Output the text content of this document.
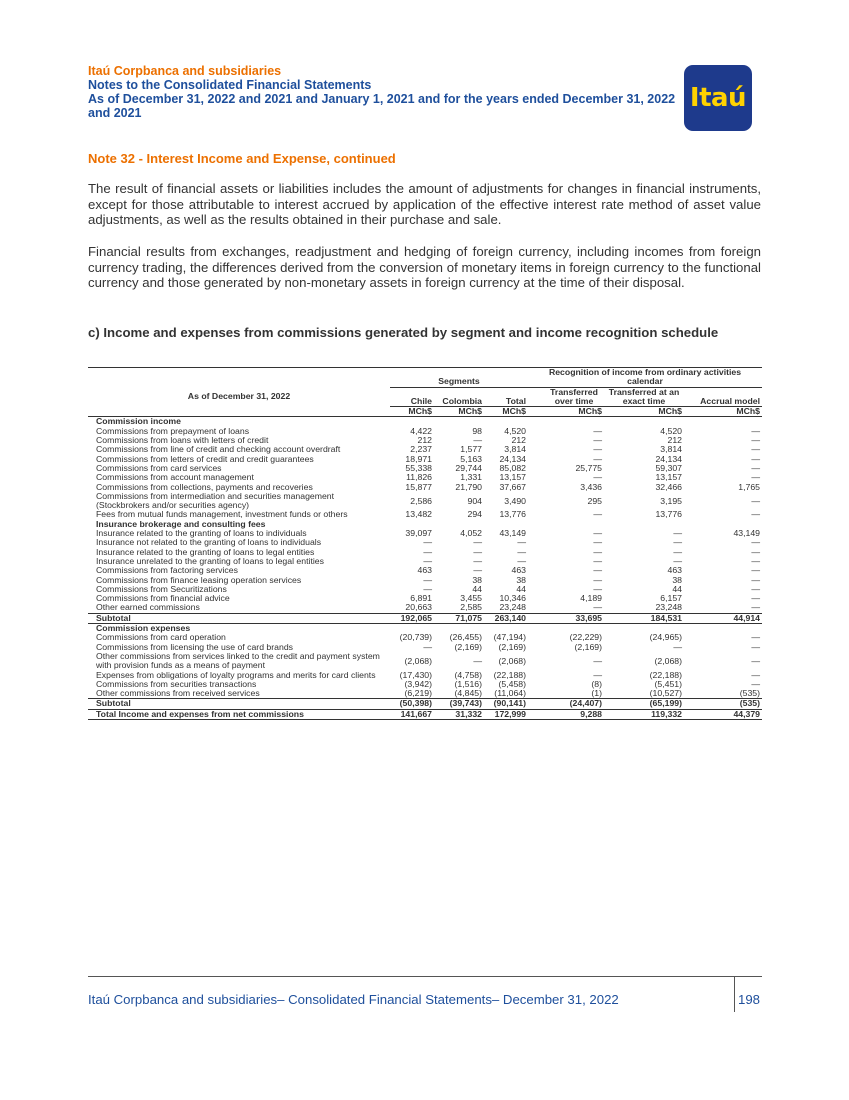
Itaú Corpbanca and subsidiaries
Notes to the Consolidated Financial Statements
As of December 31, 2022 and 2021 and January 1, 2021 and for the years ended December 31, 2022
and 2021	Itaú
Note 32 - Interest Income and Expense, continued
The result of financial assets or liabilities includes the amount of adjustments for changes in financial instruments, except for those attributable to interest accrued by application of the effective interest rate method of asset value adjustments, as well as the results obtained in their purchase and sale.
Financial results from exchanges, readjustment and hedging of foreign currency, including incomes from foreign currency trading, the differences derived from the conversion of monetary items in foreign currency to the functional currency and those generated by non-monetary assets in foreign currency at the time of their disposal.
c) Income and expenses from commissions generated by segment and income recognition schedule
	Segments			Recognition of income from ordinary activities calendar		
As of December 31, 2022	Chile	Colombia	Total	Transferred over time	Transferred at an exact time	Accrual model
	MCh$	MCh$	MCh$	MCh$	MCh$	MCh$
Commission income						
Commissions from prepayment of loans	4,422	98	4,520	—	4,520	—
Commissions from loans with letters of credit	212	—	212	—	212	—
Commissions from line of credit and checking account overdraft	2,237	1,577	3,814	—	3,814	—
Commissions from letters of credit and credit guarantees	18,971	5,163	24,134	—	24,134	—
Commissions from card services	55,338	29,744	85,082	25,775	59,307	—
Commissions from account management	11,826	1,331	13,157	—	13,157	—
Commissions from collections, payments and recoveries	15,877	21,790	37,667	3,436	32,466	1,765
Commissions from intermediation and securities management (Stockbrokers and/or securities agency)	2,586	904	3,490	295	3,195	—
Fees from mutual funds management, investment funds or others	13,482	294	13,776	—	13,776	—
Insurance brokerage and consulting fees						
Insurance related to the granting of loans to individuals	39,097	4,052	43,149	—	—	43,149
Insurance not related to the granting of loans to individuals	—	—	—	—	—	—
Insurance related to the granting of loans to legal entities	—	—	—	—	—	—
Insurance unrelated to the granting of loans to legal entities	—	—	—	—	—	—
Commissions from factoring services	463	—	463	—	463	—
Commissions from finance leasing operation services	—	38	38	—	38	—
Commissions from Securitizations	—	44	44	—	44	—
Commissions from financial advice	6,891	3,455	10,346	4,189	6,157	—
Other earned commissions	20,663	2,585	23,248	—	23,248	—
Subtotal	192,065	71,075	263,140	33,695	184,531	44,914
Commission expenses						
Commissions from card operation	(20,739)	(26,455)	(47,194)	(22,229)	(24,965)	—
Commissions from licensing the use of card brands	—	(2,169)	(2,169)	(2,169)	—	—
Other commissions from services linked to the credit and payment system with provision funds as a means of payment	(2,068)	—	(2,068)	—	(2,068)	—
Expenses from obligations of loyalty programs and merits for card clients	(17,430)	(4,758)	(22,188)	—	(22,188)	—
Commissions from securities transactions	(3,942)	(1,516)	(5,458)	(8)	(5,451)	—
Other commissions from received services	(6,219)	(4,845)	(11,064)	(1)	(10,527)	(535)
Subtotal	(50,398)	(39,743)	(90,141)	(24,407)	(65,199)	(535)
Total Income and expenses from net commissions	141,667	31,332	172,999	9,288	119,332	44,379
Itaú Corpbanca and subsidiaries– Consolidated Financial Statements– December 31, 2022	198
